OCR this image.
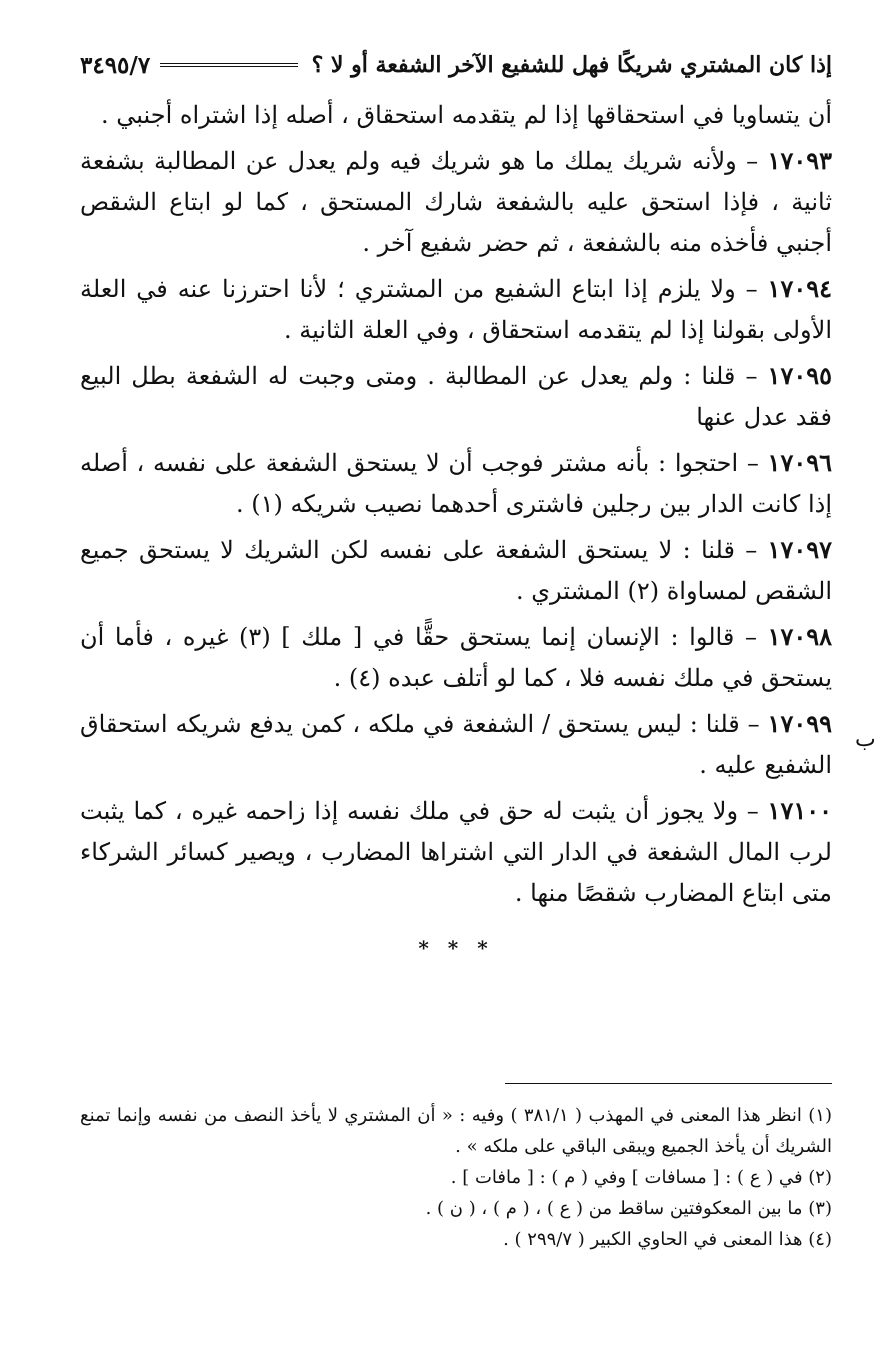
إذا كان المشتري شريكًا فهل للشفيع الآخر الشفعة أو لا ؟
٣٤٩٥/٧

أن يتساويا في استحقاقها إذا لم يتقدمه استحقاق ، أصله إذا اشتراه أجنبي .

١٧٠٩٣ – ولأنه شريك يملك ما هو شريك فيه ولم يعدل عن المطالبة بشفعة ثانية ، فإذا استحق عليه بالشفعة شارك المستحق ، كما لو ابتاع الشقص أجنبي فأخذه منه بالشفعة ، ثم حضر شفيع آخر .

١٧٠٩٤ – ولا يلزم إذا ابتاع الشفيع من المشتري ؛ لأنا احترزنا عنه في العلة الأولى بقولنا إذا لم يتقدمه استحقاق ، وفي العلة الثانية .

١٧٠٩٥ – قلنا : ولم يعدل عن المطالبة . ومتى وجبت له الشفعة بطل البيع فقد عدل عنها

١٧٠٩٦ – احتجوا : بأنه مشتر فوجب أن لا يستحق الشفعة على نفسه ، أصله إذا كانت الدار بين رجلين فاشترى أحدهما نصيب شريكه (١) .

١٧٠٩٧ – قلنا : لا يستحق الشفعة على نفسه لكن الشريك لا يستحق جميع الشقص لمساواة (٢) المشتري .

١٧٠٩٨ – قالوا : الإنسان إنما يستحق حقًّا في [ ملك ] (٣) غيره ، فأما أن يستحق في ملك نفسه فلا ، كما لو أتلف عبده (٤) .

١٧٠٩٩ – قلنا : ليس يستحق / الشفعة في ملكه ، كمن يدفع شريكه استحقاق الشفيع عليه .

١٧١٠٠ – ولا يجوز أن يثبت له حق في ملك نفسه إذا زاحمه غيره ، كما يثبت لرب المال الشفعة في الدار التي اشتراها المضارب ، ويصير كسائر الشركاء متى ابتاع المضارب شقصًا منها .

* * *
ب

(١) انظر هذا المعنى في المهذب ( ٣٨١/١ ) وفيه : « أن المشتري لا يأخذ النصف من نفسه وإنما تمنع الشريك أن يأخذ الجميع ويبقى الباقي على ملكه » .

(٢) في ( ع ) : [ مسافات ] وفي ( م ) : [ مافات ] .

(٣) ما بين المعكوفتين ساقط من ( ع ) ، ( م ) ، ( ن ) .

(٤) هذا المعنى في الحاوي الكبير ( ٢٩٩/٧ ) .
